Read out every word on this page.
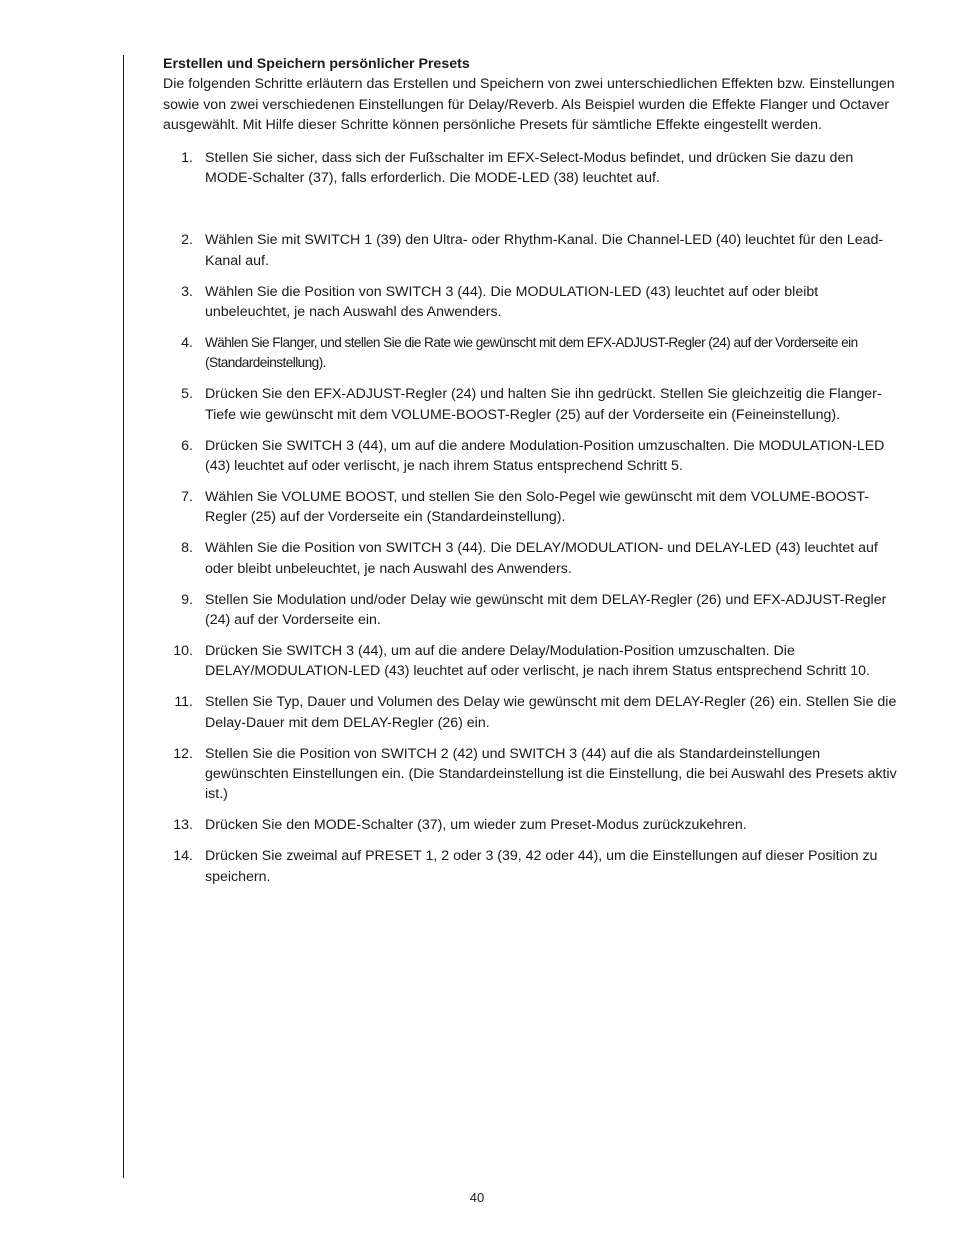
Erstellen und Speichern persönlicher Presets

Die folgenden Schritte erläutern das Erstellen und Speichern von zwei unterschiedlichen Effekten bzw. Einstellungen sowie von zwei verschiedenen Einstellungen für Delay/Reverb. Als Beispiel wurden die Effekte Flanger und Octaver ausgewählt. Mit Hilfe dieser Schritte können persönliche Presets für sämtliche Effekte eingestellt werden.

1. Stellen Sie sicher, dass sich der Fußschalter im EFX-Select-Modus befindet, und drücken Sie dazu den MODE-Schalter (37), falls erforderlich. Die MODE-LED (38) leuchtet auf.
2. Wählen Sie mit SWITCH 1 (39) den Ultra- oder Rhythm-Kanal. Die Channel-LED (40) leuchtet für den Lead-Kanal auf.
3. Wählen Sie die Position von SWITCH 3 (44). Die MODULATION-LED (43) leuchtet auf oder bleibt unbeleuchtet, je nach Auswahl des Anwenders.
4. Wählen Sie Flanger, und stellen Sie die Rate wie gewünscht mit dem EFX-ADJUST-Regler (24) auf der Vorderseite ein (Standardeinstellung).
5. Drücken Sie den EFX-ADJUST-Regler (24) und halten Sie ihn gedrückt. Stellen Sie gleichzeitig die Flanger-Tiefe wie gewünscht mit dem VOLUME-BOOST-Regler (25) auf der Vorderseite ein (Feineinstellung).
6. Drücken Sie SWITCH 3 (44), um auf die andere Modulation-Position umzuschalten. Die MODULATION-LED (43) leuchtet auf oder verlischt, je nach ihrem Status entsprechend Schritt 5.
7. Wählen Sie VOLUME BOOST, und stellen Sie den Solo-Pegel wie gewünscht mit dem VOLUME-BOOST-Regler (25) auf der Vorderseite ein (Standardeinstellung).
8. Wählen Sie die Position von SWITCH 3 (44). Die DELAY/MODULATION- und DELAY-LED (43) leuchtet auf oder bleibt unbeleuchtet, je nach Auswahl des Anwenders.
9. Stellen Sie Modulation und/oder Delay wie gewünscht mit dem DELAY-Regler (26) und EFX-ADJUST-Regler (24) auf der Vorderseite ein.
10. Drücken Sie SWITCH 3 (44), um auf die andere Delay/Modulation-Position umzuschalten. Die DELAY/MODULATION-LED (43) leuchtet auf oder verlischt, je nach ihrem Status entsprechend Schritt 10.
11. Stellen Sie Typ, Dauer und Volumen des Delay wie gewünscht mit dem DELAY-Regler (26) ein. Stellen Sie die Delay-Dauer mit dem DELAY-Regler (26) ein.
12. Stellen Sie die Position von SWITCH 2 (42) und SWITCH 3 (44) auf die als Standardeinstellungen gewünschten Einstellungen ein. (Die Standardeinstellung ist die Einstellung, die bei Auswahl des Presets aktiv ist.)
13. Drücken Sie den MODE-Schalter (37), um wieder zum Preset-Modus zurückzukehren.
14. Drücken Sie zweimal auf PRESET 1, 2 oder 3 (39, 42 oder 44), um die Einstellungen auf dieser Position zu speichern.
40
